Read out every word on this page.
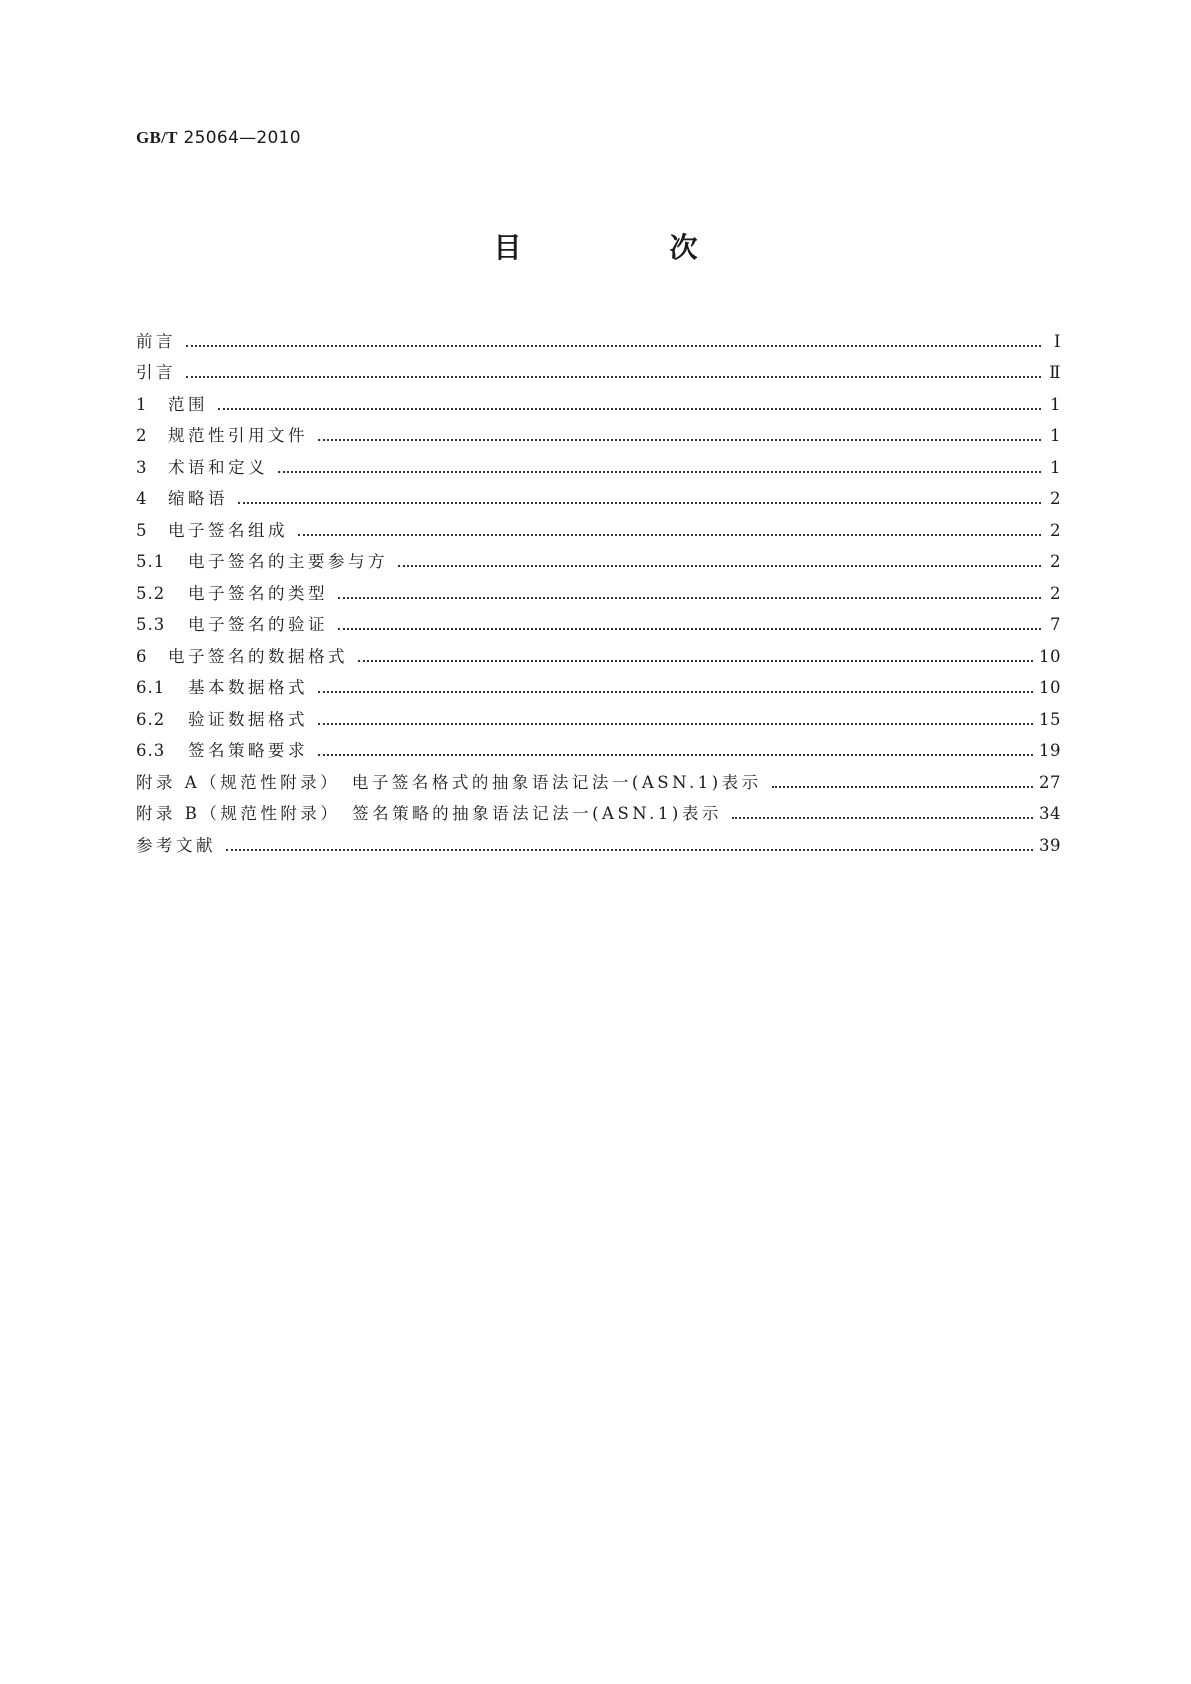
GB/T 25064—2010
目　次
前言	Ⅰ
引言	Ⅱ
1	范围	1
2	规范性引用文件	1
3	术语和定义	1
4	缩略语	2
5	电子签名组成	2
5.1	电子签名的主要参与方	2
5.2	电子签名的类型	2
5.3	电子签名的验证	7
6	电子签名的数据格式	10
6.1	基本数据格式	10
6.2	验证数据格式	15
6.3	签名策略要求	19
附录 A（规范性附录）　电子签名格式的抽象语法记法一(ASN.1)表示	27
附录 B（规范性附录）　签名策略的抽象语法记法一(ASN.1)表示	34
参考文献	39
